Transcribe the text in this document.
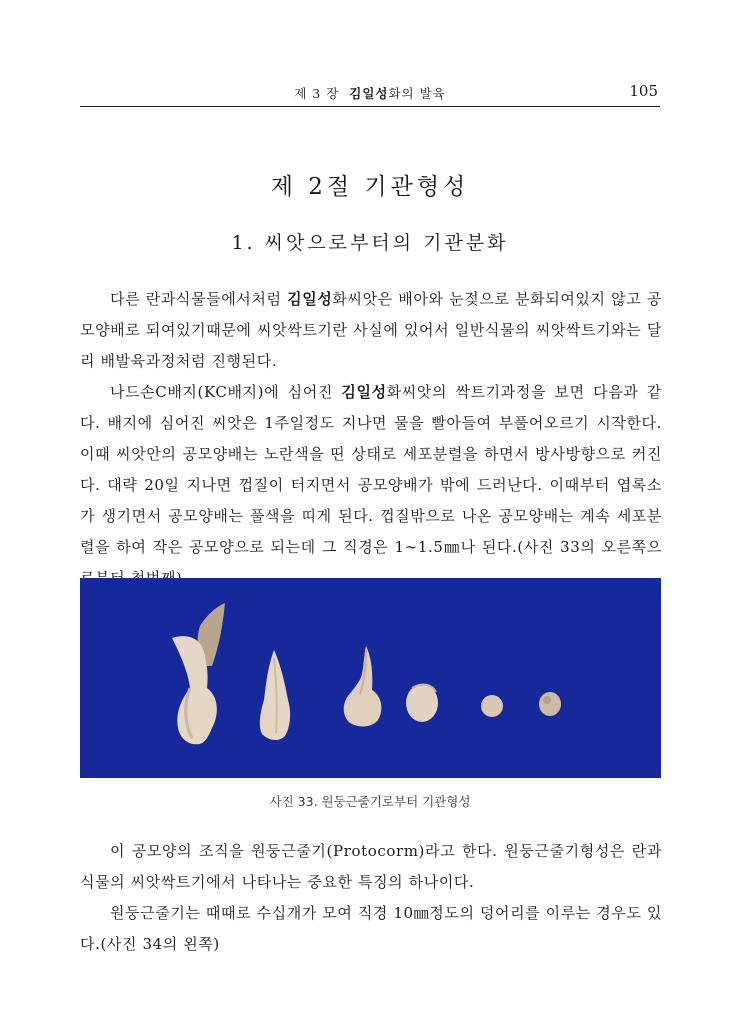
제 3 장 김일성화의 발육	105
제 2절 기관형성
1. 씨앗으로부터의 기관분화

다른 란과식물들에서처럼 김일성화씨앗은 배아와 눈젖으로 분화되여있지 않고 공모양배로 되여있기때문에 씨앗싹트기란 사실에 있어서 일반식물의 씨앗싹트기와는 달리 배발육과정처럼 진행된다.

나드손C배지(KC배지)에 심어진 김일성화씨앗의 싹트기과정을 보면 다음과 같다. 배지에 심어진 씨앗은 1주일정도 지나면 물을 빨아들여 부풀어오르기 시작한다. 이때 씨앗안의 공모양배는 노란색을 띤 상태로 세포분렬을 하면서 방사방향으로 커진다. 대략 20일 지나면 껍질이 터지면서 공모양배가 밖에 드러난다. 이때부터 엽록소가 생기면서 공모양배는 풀색을 띠게 된다. 껍질밖으로 나온 공모양배는 계속 세포분렬을 하여 작은 공모양으로 되는데 그 직경은 1∼1.5㎜나 된다.(사진 33의 오른쪽으

사진 33. 원둥근줄기로부터 기관형성

이 공모양의 조직을 원둥근줄기(Protocorm)라고 한다. 원둥근줄기형성은 란과식물의 씨앗싹트기에서 나타나는 중요한 특징의 하나이다.

원둥근줄기는 때때로 수십개가 모여 직경 10㎜정도의 덩어리를 이루는 경우도 있다.(사진 34의 왼쪽)
